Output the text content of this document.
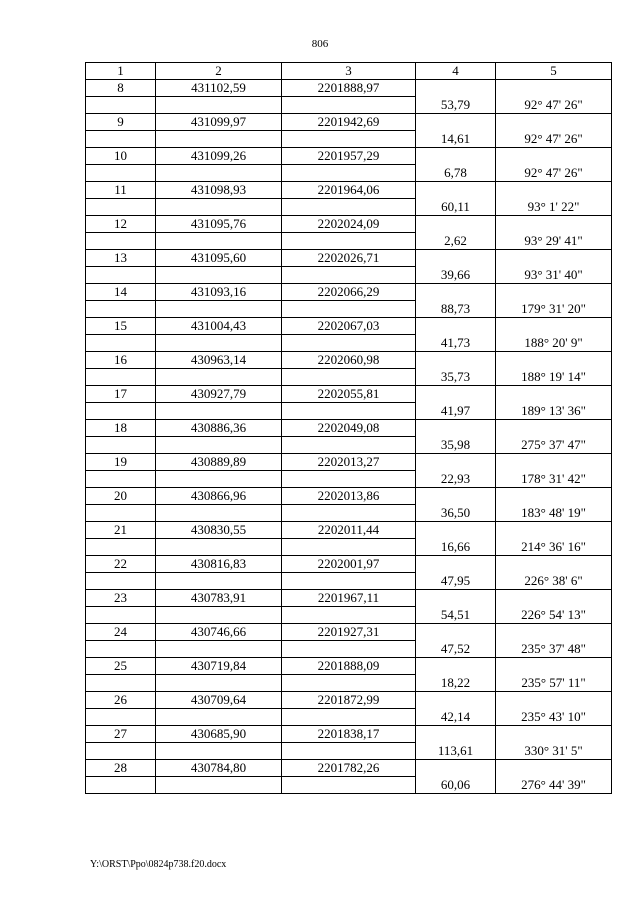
806
1	2	3	4	5
8	431102,59	2201888,97		
			53,79	92° 47' 26"
9	431099,97	2201942,69		
			14,61	92° 47' 26"
10	431099,26	2201957,29		
			6,78	92° 47' 26"
11	431098,93	2201964,06		
			60,11	93° 1' 22"
12	431095,76	2202024,09		
			2,62	93° 29' 41"
13	431095,60	2202026,71		
			39,66	93° 31' 40"
14	431093,16	2202066,29		
			88,73	179° 31' 20"
15	431004,43	2202067,03		
			41,73	188° 20' 9"
16	430963,14	2202060,98		
			35,73	188° 19' 14"
17	430927,79	2202055,81		
			41,97	189° 13' 36"
18	430886,36	2202049,08		
			35,98	275° 37' 47"
19	430889,89	2202013,27		
			22,93	178° 31' 42"
20	430866,96	2202013,86		
			36,50	183° 48' 19"
21	430830,55	2202011,44		
			16,66	214° 36' 16"
22	430816,83	2202001,97		
			47,95	226° 38' 6"
23	430783,91	2201967,11		
			54,51	226° 54' 13"
24	430746,66	2201927,31		
			47,52	235° 37' 48"
25	430719,84	2201888,09		
			18,22	235° 57' 11"
26	430709,64	2201872,99		
			42,14	235° 43' 10"
27	430685,90	2201838,17		
			113,61	330° 31' 5"
28	430784,80	2201782,26		
			60,06	276° 44' 39"
Y:\ORST\Ppo\0824p738.f20.docx
